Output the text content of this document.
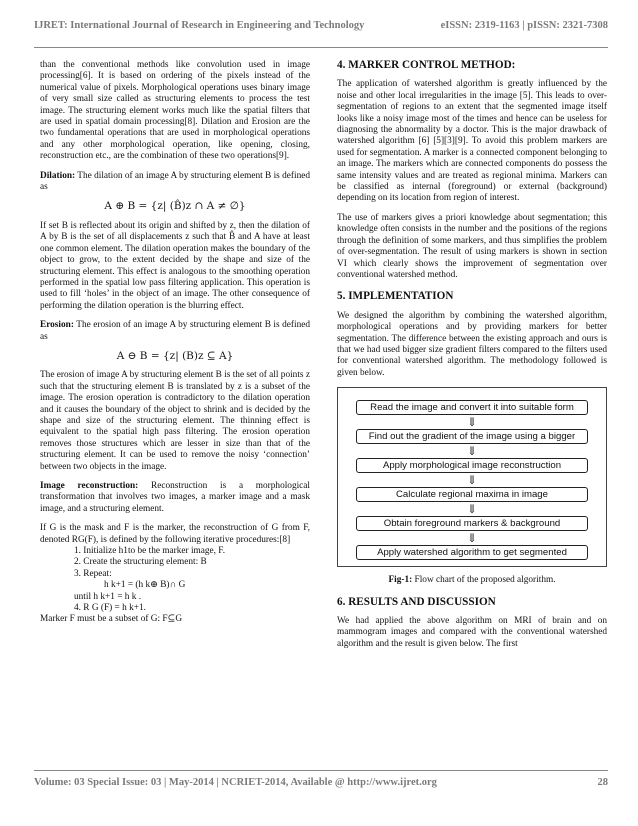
IJRET: International Journal of Research in Engineering and Technology	eISSN: 2319-1163 | pISSN: 2321-7308

than the conventional methods like convolution used in image processing[6]. It is based on ordering of the pixels instead of the numerical value of pixels. Morphological operations uses binary image of very small size called as structuring elements to process the test image. The structuring element works much like the spatial filters that are used in spatial domain processing[8]. Dilation and Erosion are the two fundamental operations that are used in morphological operations and any other morphological operation, like opening, closing, reconstruction etc., are the combination of these two operations[9].

Dilation: The dilation of an image A by structuring element B is defined as

A ⊕ B = {z| (B̂)z ∩ A ≠ ∅}

If set B is reflected about its origin and shifted by z, then the dilation of A by B is the set of all displacements z such that B̂ and A have at least one common element. The dilation operation makes the boundary of the object to grow, to the extent decided by the shape and size of the structuring element. This effect is analogous to the smoothing operation performed in the spatial low pass filtering application. This operation is used to fill ‘holes’ in the object of an image. The other consequence of performing the dilation operation is the blurring effect.

Erosion: The erosion of an image A by structuring element B is defined as

A ⊖ B = {z| (B)z ⊆ A}

The erosion of image A by structuring element B is the set of all points z such that the structuring element B is translated by z is a subset of the image. The erosion operation is contradictory to the dilation operation and it causes the boundary of the object to shrink and is decided by the shape and size of the structuring element. The thinning effect is equivalent to the spatial high pass filtering. The erosion operation removes those structures which are lesser in size than that of the structuring element. It can be used to remove the noisy ‘connection’ between two objects in the image.

Image reconstruction: Reconstruction is a morphological transformation that involves two images, a marker image and a mask image, and a structuring element.

If G is the mask and F is the marker, the reconstruction of G from F, denoted RG(F), is defined by the following iterative procedures:[8]

1. Initialize h1to be the marker image, F.
2. Create the structuring element: B
3. Repeat:
h k+1 = (h k⊕ B)∩ G
until h k+1 = h k .
4. R G (F) = h k+1.
Marker F must be a subset of G: F⊆G
4. MARKER CONTROL METHOD:

The application of watershed algorithm is greatly influenced by the noise and other local irregularities in the image [5]. This leads to over-segmentation of regions to an extent that the segmented image itself looks like a noisy image most of the times and hence can be useless for diagnosing the abnormality by a doctor. This is the major drawback of watershed algorithm [6] [5][3][9]. To avoid this problem markers are used for segmentation. A marker is a connected component belonging to an image. The markers which are connected components do possess the same intensity values and are treated as regional minima. Markers can be classified as internal (foreground) or external (background) depending on its location from region of interest.

The use of markers gives a priori knowledge about segmentation; this knowledge often consists in the number and the positions of the regions through the definition of some markers, and thus simplifies the problem of over-segmentation. The result of using markers is shown in section VI which clearly shows the improvement of segmentation over conventional watershed method.

5. IMPLEMENTATION

We designed the algorithm by combining the watershed algorithm, morphological operations and by providing markers for better segmentation. The difference between the existing approach and ours is that we had used bigger size gradient filters compared to the filters used for conventional watershed algorithm. The methodology followed is given below.

Read the image and convert it into suitable form
⇓
Find out the gradient of the image using a bigger
⇓
Apply morphological image reconstruction
⇓
Calculate regional maxima in image
⇓
Obtain foreground markers & background
⇓
Apply watershed algorithm to get segmented
Fig-1: Flow chart of the proposed algorithm.
6. RESULTS AND DISCUSSION

We had applied the above algorithm on MRI of brain and on mammogram images and compared with the conventional watershed algorithm and the result is given below. The first

Volume: 03 Special Issue: 03 | May-2014 | NCRIET-2014, Available @ http://www.ijret.org	28
